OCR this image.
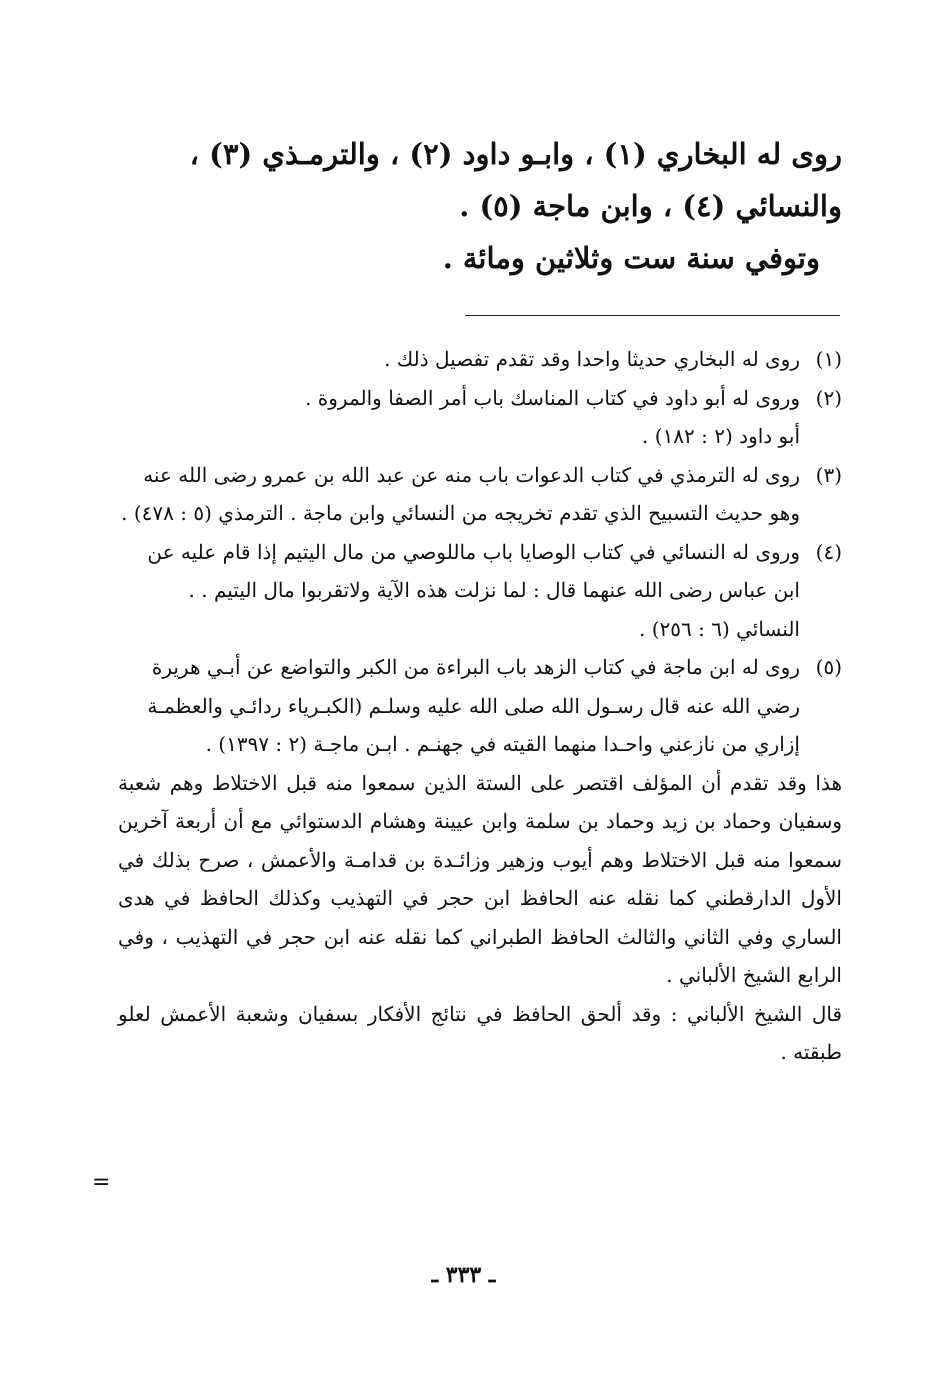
روى له البخاري (١) ، وابـو داود (٢) ، والترمـذي (٣) ،

والنسائي (٤) ، وابن ماجة (٥) .

وتوفي سنة ست وثلاثين ومائة .

(١)
روى له البخاري حديثا واحدا وقد تقدم تفصيل ذلك .
(٢)
وروى له أبو داود في كتاب المناسك باب أمر الصفا والمروة .
أبو داود (٢ : ١٨٢) .
(٣)
روى له الترمذي في كتاب الدعوات باب منه عن عبد الله بن عمرو رضى الله عنه وهو حديث التسبيح الذي تقدم تخريجه من النسائي وابن ماجة . الترمذي (٥ : ٤٧٨) .
(٤)
وروى له النسائي في كتاب الوصايا باب ماللوصي من مال اليتيم إذا قام عليه عن ابن عباس رضى الله عنهما قال : لما نزلت هذه الآية ولاتقربوا مال اليتيم . .
النسائي (٦ : ٢٥٦) .
(٥)
روى له ابن ماجة في كتاب الزهد باب البراءة من الكبر والتواضع عن أبـي هريرة رضي الله عنه قال رسـول الله صلى الله عليه وسلـم (الكبـرياء ردائـي والعظمـة إزاري من نازعني واحـدا منهما القيته في جهنـم . ابـن ماجـة (٢ : ١٣٩٧) .
هذا وقد تقدم أن المؤلف اقتصر على الستة الذين سمعوا منه قبل الاختلاط وهم شعبة وسفيان وحماد بن زيد وحماد بن سلمة وابن عيينة وهشام الدستوائي مع أن أربعة آخرين سمعوا منه قبل الاختلاط وهم أيوب وزهير وزائـدة بن قدامـة والأعمش ، صرح بذلك في الأول الدارقطني كما نقله عنه الحافظ ابن حجر في التهذيب وكذلك الحافظ في هدى الساري وفي الثاني والثالث الحافظ الطبراني كما نقله عنه ابن حجر في التهذيب ، وفي الرابع الشيخ الألباني .
قال الشيخ الألباني : وقد ألحق الحافظ في نتائج الأفكار بسفيان وشعبة الأعمش لعلو طبقته .
=
ـ ٣٣٣ ـ
